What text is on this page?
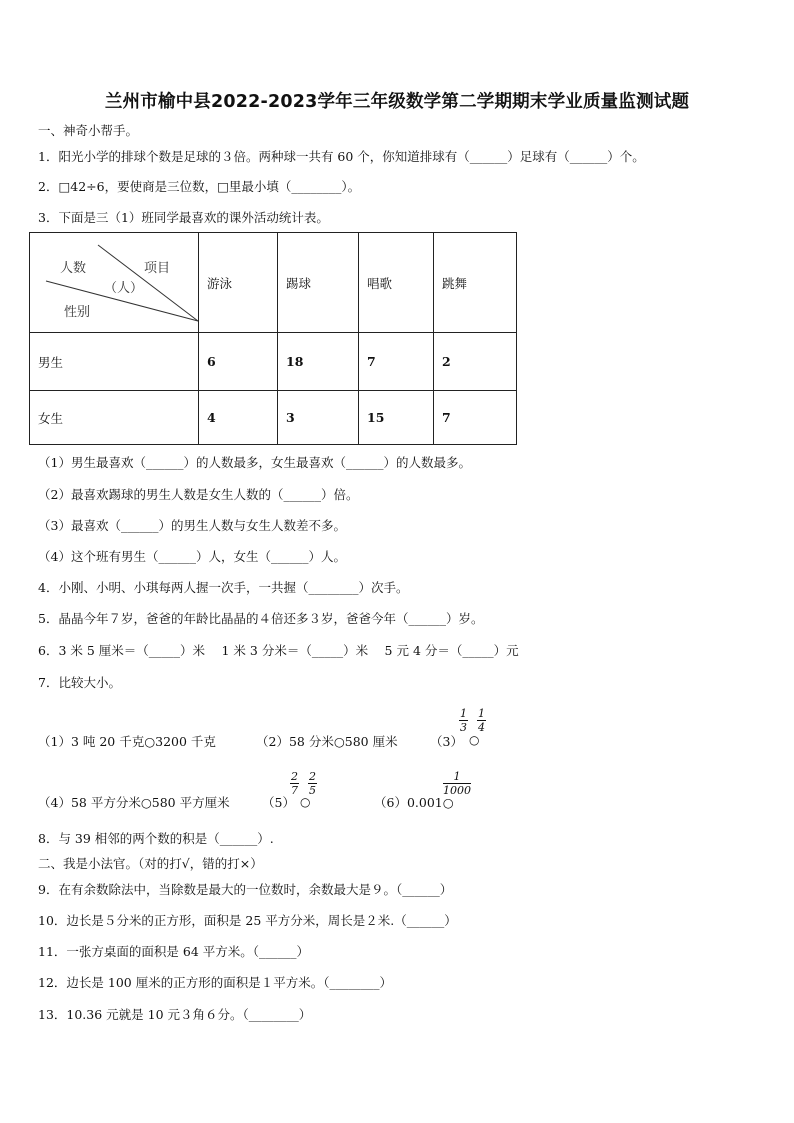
兰州市榆中县2022-2023学年三年级数学第二学期期末学业质量监测试题
一、神奇小帮手。
1．阳光小学的排球个数是足球的３倍。两种球一共有 60 个，你知道排球有（______）足球有（______）个。
2．□42÷6，要使商是三位数，□里最小填（________）。
3．下面是三（1）班同学最喜欢的课外活动统计表。
人数 项目
（人）
性别	游泳	踢球	唱歌	跳舞
男生	6	18	7	2
女生	4	3	15	7
（1）男生最喜欢（______）的人数最多，女生最喜欢（______）的人数最多。
（2）最喜欢踢球的男生人数是女生人数的（______）倍。
（3）最喜欢（______）的男生人数与女生人数差不多。
（4）这个班有男生（______）人，女生（______）人。
4．小刚、小明、小琪每两人握一次手，一共握（________）次手。
5．晶晶今年７岁，爸爸的年龄比晶晶的４倍还多３岁，爸爸今年（______）岁。
6．3 米 5 厘米＝（_____）米　 1 米 3 分米＝（_____）米　 5 元 4 分＝（_____）元
7．比较大小。
（1）3 吨 20 千克○3200 千克	（2）58 分米○580 厘米	（3）
$\frac{1}{3}$
○
$\frac{1}{4}$
（4）58 平方分米○580 平方厘米	（5）
$\frac{2}{7}$
○
$\frac{2}{5}$
（6）0.001○
$\frac{1}{1000}$
8．与 39 相邻的两个数的积是（______）.
二、我是小法官。（对的打√，错的打×）
9．在有余数除法中，当除数是最大的一位数时，余数最大是９。（______）
10．边长是５分米的正方形，面积是 25 平方分米，周长是２米.（______）
11．一张方桌面的面积是 64 平方米。（______）
12．边长是 100 厘米的正方形的面积是１平方米。（________）
13．10.36 元就是 10 元３角６分。（________）
